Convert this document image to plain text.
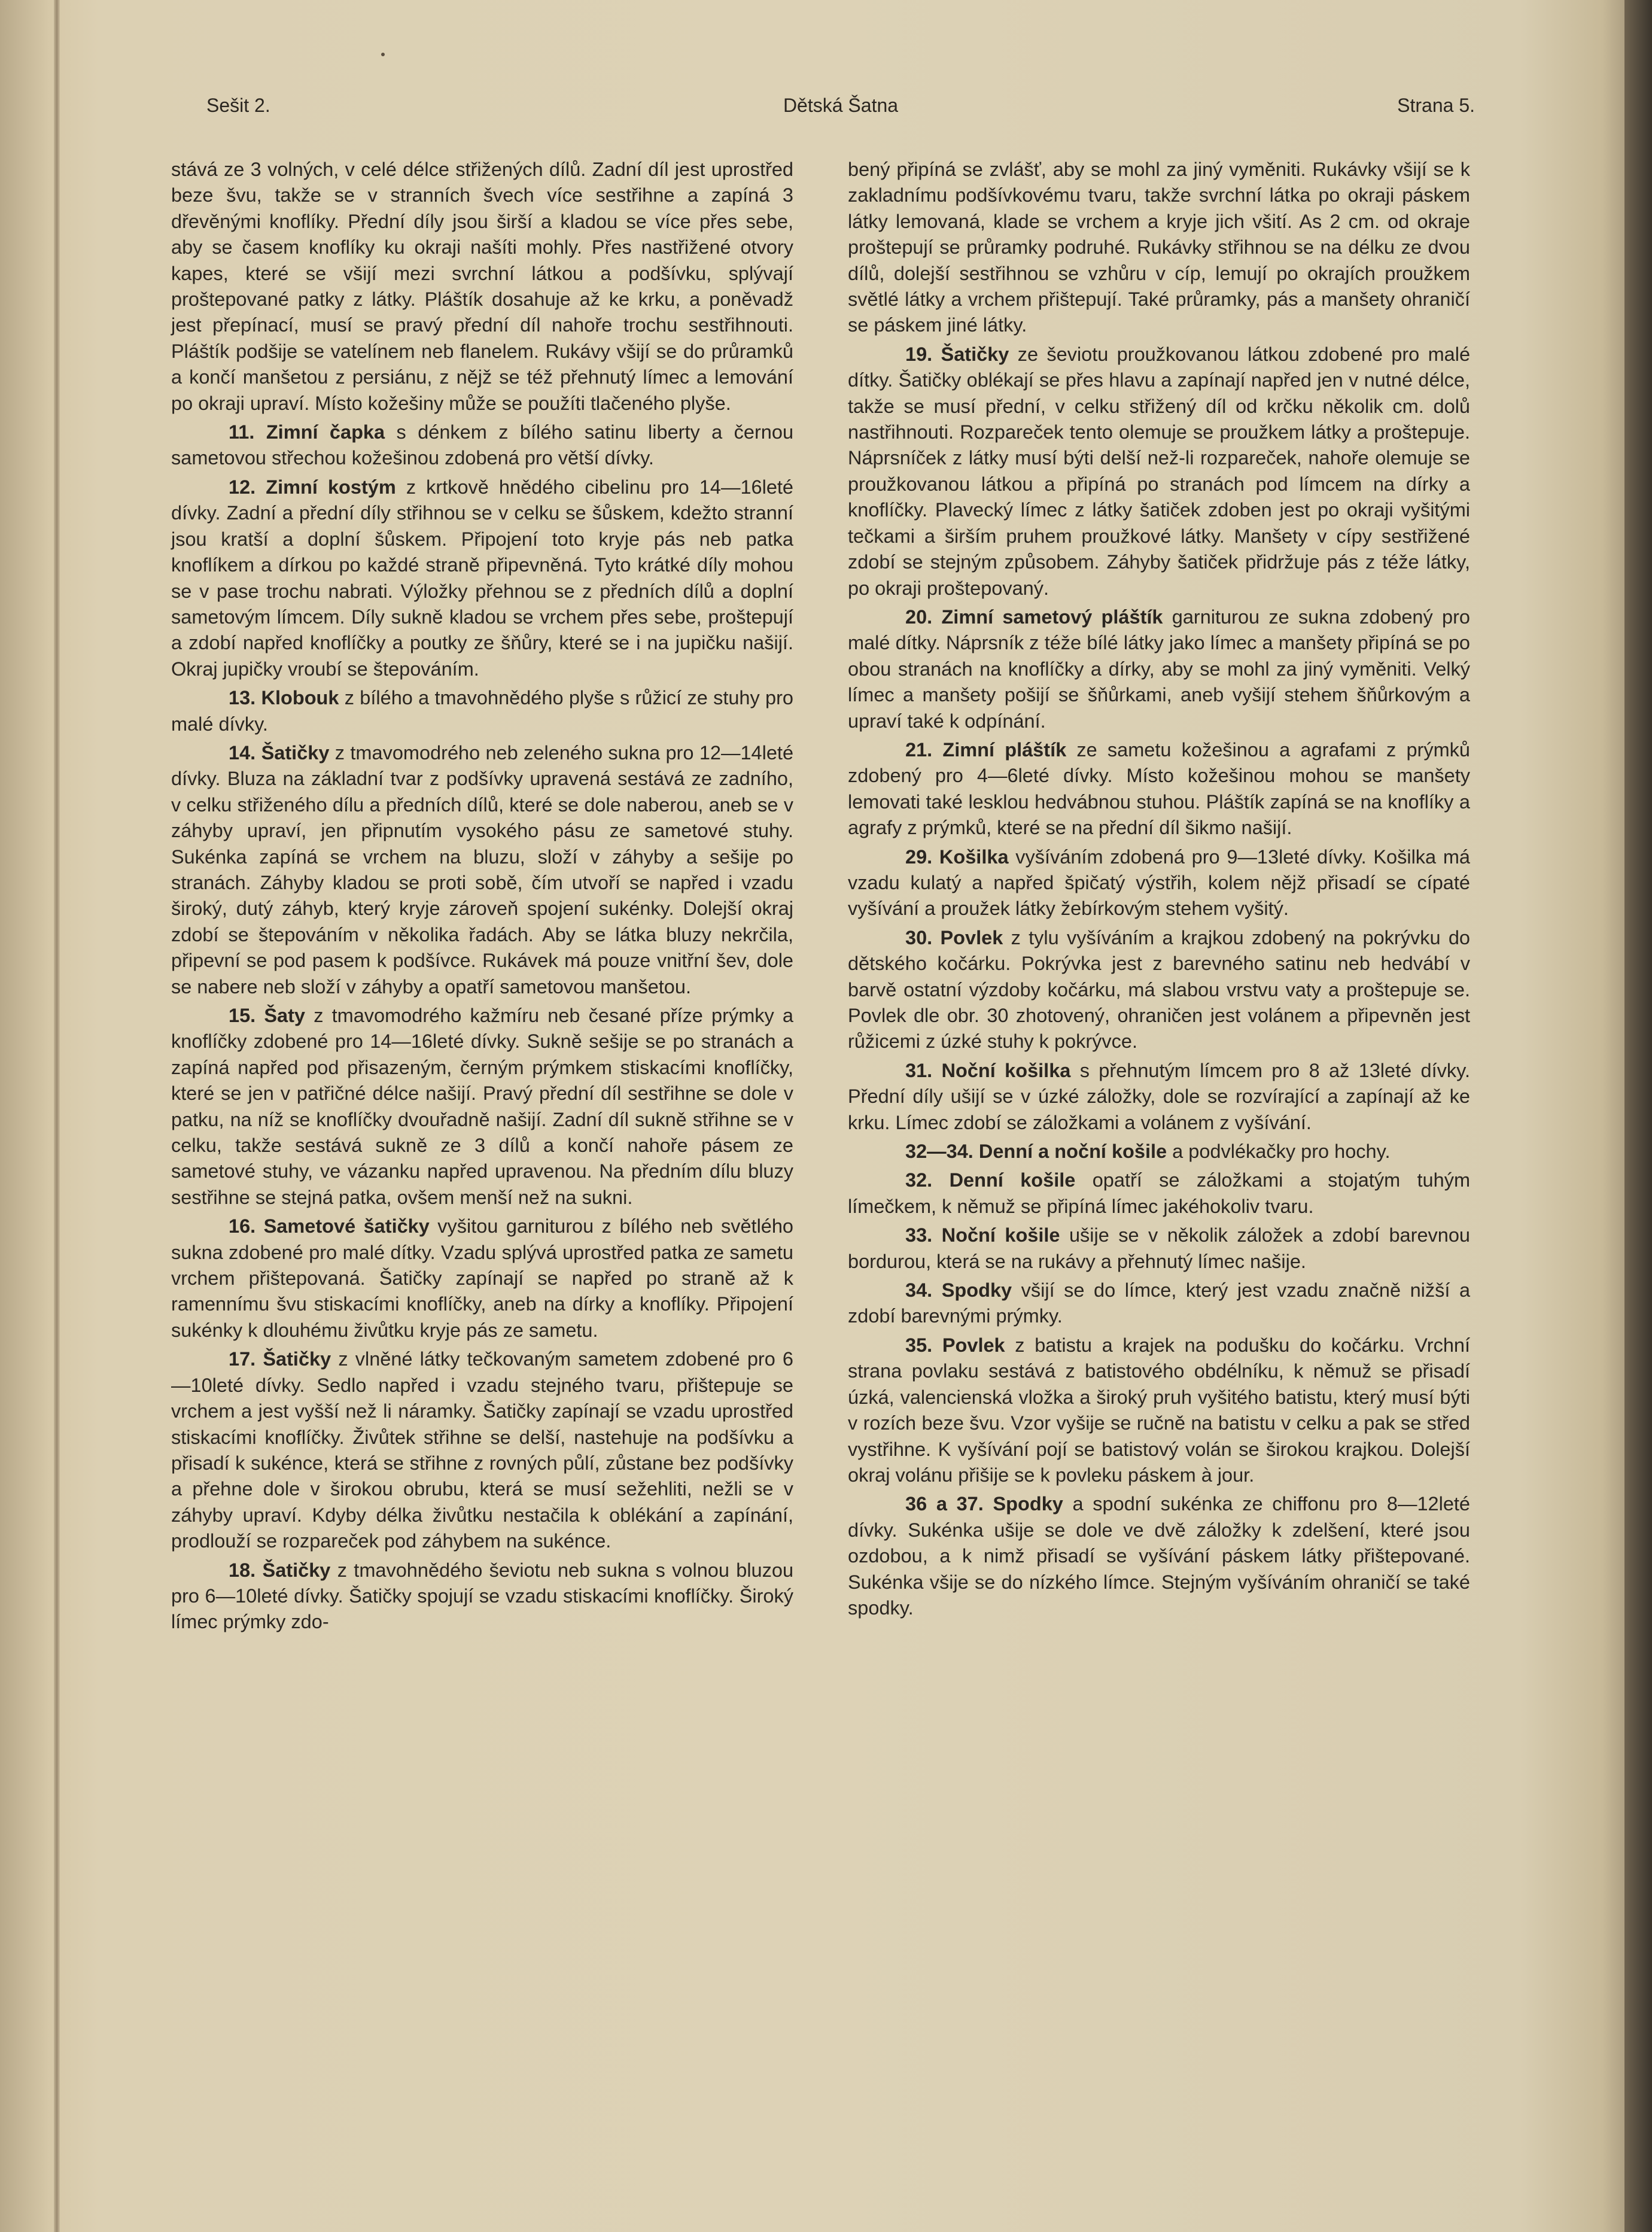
Sešit 2.	Dětská Šatna	Strana 5.

stává ze 3 volných, v celé délce střižených dílů. Zadní díl jest uprostřed beze švu, takže se v stranních švech více sestřihne a zapíná 3 dřevěnými knoflíky. Přední díly jsou širší a kladou se více přes sebe, aby se časem knoflíky ku okraji našíti mohly. Přes nastřižené otvory kapes, které se všijí mezi svrchní látkou a podšívku, splývají proštepované patky z látky. Pláštík dosahuje až ke krku, a poněvadž jest přepínací, musí se pravý přední díl nahoře trochu sestřihnouti. Pláštík podšije se vatelínem neb flanelem. Rukávy všijí se do průramků a končí manšetou z persiánu, z nějž se též přehnutý límec a lemování po okraji upraví. Místo kožešiny může se použíti tlačeného plyše.

11. Zimní čapka s dénkem z bílého satinu liberty a černou sametovou střechou kožešinou zdobená pro větší dívky.

12. Zimní kostým z krtkově hnědého cibelinu pro 14—16leté dívky. Zadní a přední díly střihnou se v celku se šůskem, kdežto stranní jsou kratší a doplní šůskem. Připojení toto kryje pás neb patka knoflíkem a dírkou po každé straně připevněná. Tyto krátké díly mohou se v pase trochu nabrati. Výložky přehnou se z předních dílů a doplní sametovým límcem. Díly sukně kladou se vrchem přes sebe, proštepují a zdobí napřed knoflíčky a poutky ze šňůry, které se i na jupičku našijí. Okraj jupičky vroubí se štepováním.

13. Klobouk z bílého a tmavohnědého plyše s růžicí ze stuhy pro malé dívky.

14. Šatičky z tmavomodrého neb zeleného sukna pro 12—14leté dívky. Bluza na základní tvar z podšívky upravená sestává ze zadního, v celku střiženého dílu a předních dílů, které se dole naberou, aneb se v záhyby upraví, jen připnutím vysokého pásu ze sametové stuhy. Sukénka zapíná se vrchem na bluzu, složí v záhyby a sešije po stranách. Záhyby kladou se proti sobě, čím utvoří se napřed i vzadu široký, dutý záhyb, který kryje zároveň spojení sukénky. Dolejší okraj zdobí se štepováním v několika řadách. Aby se látka bluzy nekrčila, připevní se pod pasem k podšívce. Rukávek má pouze vnitřní šev, dole se nabere neb složí v záhyby a opatří sametovou manšetou.

15. Šaty z tmavomodrého kažmíru neb česané příze prýmky a knoflíčky zdobené pro 14—16leté dívky. Sukně sešije se po stranách a zapíná napřed pod přisazeným, černým prýmkem stiskacími knoflíčky, které se jen v patřičné délce našijí. Pravý přední díl sestřihne se dole v patku, na níž se knoflíčky dvouřadně našijí. Zadní díl sukně střihne se v celku, takže sestává sukně ze 3 dílů a končí nahoře pásem ze sametové stuhy, ve vázanku napřed upravenou. Na předním dílu bluzy sestřihne se stejná patka, ovšem menší než na sukni.

16. Sametové šatičky vyšitou garniturou z bílého neb světlého sukna zdobené pro malé dítky. Vzadu splývá uprostřed patka ze sametu vrchem přištepovaná. Šatičky zapínají se napřed po straně až k ramennímu švu stiskacími knoflíčky, aneb na dírky a knoflíky. Připojení sukénky k dlouhému živůtku kryje pás ze sametu.

17. Šatičky z vlněné látky tečkovaným sametem zdobené pro 6—10leté dívky. Sedlo napřed i vzadu stejného tvaru, přištepuje se vrchem a jest vyšší než li náramky. Šatičky zapínají se vzadu uprostřed stiskacími knoflíčky. Živůtek střihne se delší, nastehuje na podšívku a přisadí k sukénce, která se střihne z rovných půlí, zůstane bez podšívky a přehne dole v širokou obrubu, která se musí sežehliti, nežli se v záhyby upraví. Kdyby délka živůtku nestačila k oblékání a zapínání, prodlouží se rozpareček pod záhybem na sukénce.

18. Šatičky z tmavohnědého ševiotu neb sukna s volnou bluzou pro 6—10leté dívky. Šatičky spojují se vzadu stiskacími knoflíčky. Široký límec prýmky zdo-

bený připíná se zvlášť, aby se mohl za jiný vyměniti. Rukávky všijí se k zakladnímu podšívkovému tvaru, takže svrchní látka po okraji páskem látky lemovaná, klade se vrchem a kryje jich všití. As 2 cm. od okraje proštepují se průramky podruhé. Rukávky střihnou se na délku ze dvou dílů, dolejší sestřihnou se vzhůru v cíp, lemují po okrajích proužkem světlé látky a vrchem přištepují. Také průramky, pás a manšety ohraničí se páskem jiné látky.

19. Šatičky ze ševiotu proužkovanou látkou zdobené pro malé dítky. Šatičky oblékají se přes hlavu a zapínají napřed jen v nutné délce, takže se musí přední, v celku střižený díl od krčku několik cm. dolů nastřihnouti. Rozpareček tento olemuje se proužkem látky a proštepuje. Náprsníček z látky musí býti delší než-li rozpareček, nahoře olemuje se proužkovanou látkou a připíná po stranách pod límcem na dírky a knoflíčky. Plavecký límec z látky šatiček zdoben jest po okraji vyšitými tečkami a širším pruhem proužkové látky. Manšety v cípy sestřižené zdobí se stejným způsobem. Záhyby šatiček přidržuje pás z téže látky, po okraji proštepovaný.

20. Zimní sametový pláštík garniturou ze sukna zdobený pro malé dítky. Náprsník z téže bílé látky jako límec a manšety připíná se po obou stranách na knoflíčky a dírky, aby se mohl za jiný vyměniti. Velký límec a manšety pošijí se šňůrkami, aneb vyšijí stehem šňůrkovým a upraví také k odpínání.

21. Zimní pláštík ze sametu kožešinou a agrafami z prýmků zdobený pro 4—6leté dívky. Místo kožešinou mohou se manšety lemovati také lesklou hedvábnou stuhou. Pláštík zapíná se na knoflíky a agrafy z prýmků, které se na přední díl šikmo našijí.

29. Košilka vyšíváním zdobená pro 9—13leté dívky. Košilka má vzadu kulatý a napřed špičatý výstřih, kolem nějž přisadí se cípaté vyšívání a proužek látky žebírkovým stehem vyšitý.

30. Povlek z tylu vyšíváním a krajkou zdobený na pokrývku do dětského kočárku. Pokrývka jest z barevného satinu neb hedvábí v barvě ostatní výzdoby kočárku, má slabou vrstvu vaty a proštepuje se. Povlek dle obr. 30 zhotovený, ohraničen jest volánem a připevněn jest růžicemi z úzké stuhy k pokrývce.

31. Noční košilka s přehnutým límcem pro 8 až 13leté dívky. Přední díly ušijí se v úzké záložky, dole se rozvírající a zapínají až ke krku. Límec zdobí se záložkami a volánem z vyšívání.

32—34. Denní a noční košile a podvlékačky pro hochy.

32. Denní košile opatří se záložkami a stojatým tuhým límečkem, k němuž se připíná límec jakéhokoliv tvaru.

33. Noční košile ušije se v několik záložek a zdobí barevnou bordurou, která se na rukávy a přehnutý límec našije.

34. Spodky všijí se do límce, který jest vzadu značně nižší a zdobí barevnými prýmky.

35. Povlek z batistu a krajek na podušku do kočárku. Vrchní strana povlaku sestává z batistového obdélníku, k němuž se přisadí úzká, valencienská vložka a široký pruh vyšitého batistu, který musí býti v rozích beze švu. Vzor vyšije se ručně na batistu v celku a pak se střed vystřihne. K vyšívání pojí se batistový volán se širokou krajkou. Dolejší okraj volánu přišije se k povleku páskem à jour.

36 a 37. Spodky a spodní sukénka ze chiffonu pro 8—12leté dívky. Sukénka ušije se dole ve dvě záložky k zdelšení, které jsou ozdobou, a k nimž přisadí se vyšívání páskem látky přištepované. Sukénka všije se do nízkého límce. Stejným vyšíváním ohraničí se také spodky.
